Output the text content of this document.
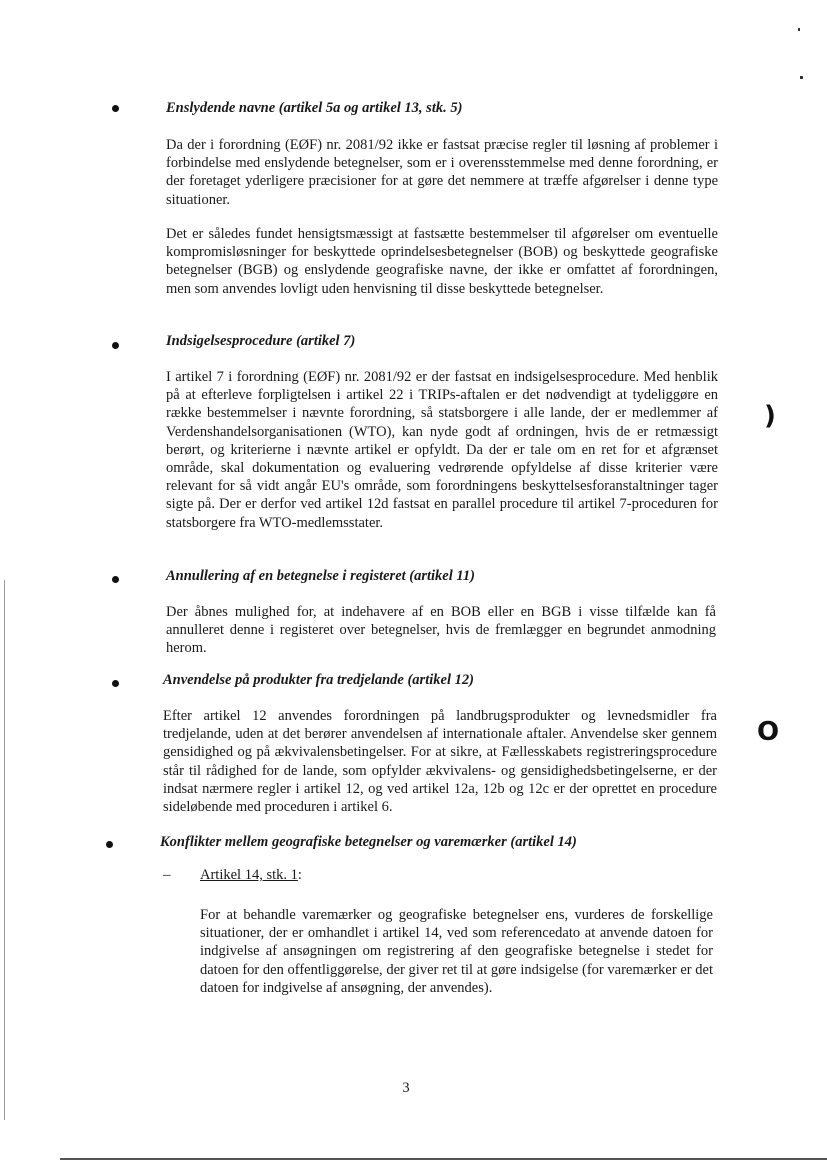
Enslydende navne (artikel 5a og artikel 13, stk. 5)
Da der i forordning (EØF) nr. 2081/92 ikke er fastsat præcise regler til løsning af problemer i forbindelse med enslydende betegnelser, som er i overensstemmelse med denne forordning, er der foretaget yderligere præcisioner for at gøre det nemmere at træffe afgørelser i denne type situationer.
Det er således fundet hensigtsmæssigt at fastsætte bestemmelser til afgørelser om eventuelle kompromisløsninger for beskyttede oprindelsesbetegnelser (BOB) og beskyttede geografiske betegnelser (BGB) og enslydende geografiske navne, der ikke er omfattet af forordningen, men som anvendes lovligt uden henvisning til disse beskyttede betegnelser.
Indsigelsesprocedure (artikel 7)
I artikel 7 i forordning (EØF) nr. 2081/92 er der fastsat en indsigelsesprocedure. Med henblik på at efterleve forpligtelsen i artikel 22 i TRIPs-aftalen er det nødvendigt at tydeliggøre en række bestemmelser i nævnte forordning, så statsborgere i alle lande, der er medlemmer af Verdenshandelsorganisationen (WTO), kan nyde godt af ordningen, hvis de er retmæssigt berørt, og kriterierne i nævnte artikel er opfyldt. Da der er tale om en ret for et afgrænset område, skal dokumentation og evaluering vedrørende opfyldelse af disse kriterier være relevant for så vidt angår EU's område, som forordningens beskyttelsesforanstaltninger tager sigte på. Der er derfor ved artikel 12d fastsat en parallel procedure til artikel 7-proceduren for statsborgere fra WTO-medlemsstater.
Annullering af en betegnelse i registeret (artikel 11)
Der åbnes mulighed for, at indehavere af en BOB eller en BGB i visse tilfælde kan få annulleret denne i registeret over betegnelser, hvis de fremlægger en begrundet anmodning herom.
Anvendelse på produkter fra tredjelande (artikel 12)
Efter artikel 12 anvendes forordningen på landbrugsprodukter og levnedsmidler fra tredjelande, uden at det berører anvendelsen af internationale aftaler. Anvendelse sker gennem gensidighed og på ækvivalensbetingelser. For at sikre, at Fællesskabets registreringsprocedure står til rådighed for de lande, som opfylder ækvivalens- og gensidighedsbetingelserne, er der indsat nærmere regler i artikel 12, og ved artikel 12a, 12b og 12c er der oprettet en procedure sideløbende med proceduren i artikel 6.
Konflikter mellem geografiske betegnelser og varemærker (artikel 14)
– Artikel 14, stk. 1:
For at behandle varemærker og geografiske betegnelser ens, vurderes de forskellige situationer, der er omhandlet i artikel 14, ved som referencedato at anvende datoen for indgivelse af ansøgningen om registrering af den geografiske betegnelse i stedet for datoen for den offentliggørelse, der giver ret til at gøre indsigelse (for varemærker er det datoen for indgivelse af ansøgning, der anvendes).
3
)
O
